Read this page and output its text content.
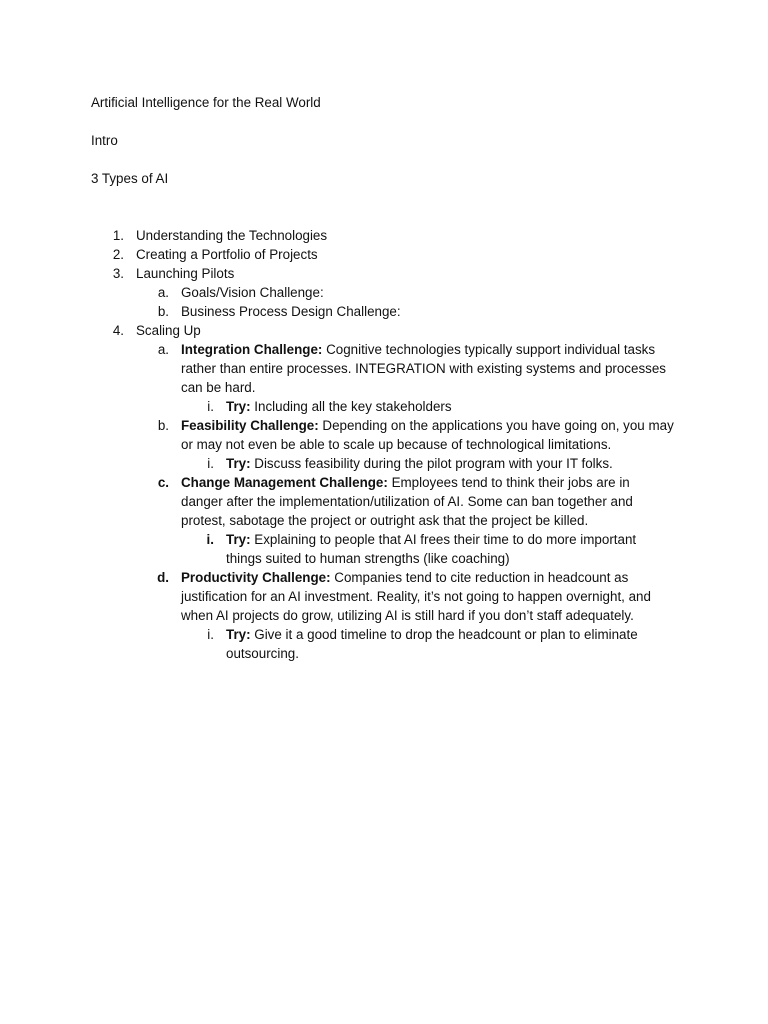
Artificial Intelligence for the Real World
Intro
3 Types of AI
1. Understanding the Technologies
2. Creating a Portfolio of Projects
3. Launching Pilots
a. Goals/Vision Challenge:
b. Business Process Design Challenge:
4. Scaling Up
a. Integration Challenge: Cognitive technologies typically support individual tasks
rather than entire processes. INTEGRATION with existing systems and processes
can be hard.
i. Try: Including all the key stakeholders
b. Feasibility Challenge: Depending on the applications you have going on, you may
or may not even be able to scale up because of technological limitations.
i. Try: Discuss feasibility during the pilot program with your IT folks.
c. Change Management Challenge: Employees tend to think their jobs are in
danger after the implementation/utilization of AI. Some can ban together and
protest, sabotage the project or outright ask that the project be killed.
i. Try: Explaining to people that AI frees their time to do more important
things suited to human strengths (like coaching)
d. Productivity Challenge: Companies tend to cite reduction in headcount as
justification for an AI investment. Reality, it’s not going to happen overnight, and
when AI projects do grow, utilizing AI is still hard if you don’t staff adequately.
i. Try: Give it a good timeline to drop the headcount or plan to eliminate
outsourcing.
